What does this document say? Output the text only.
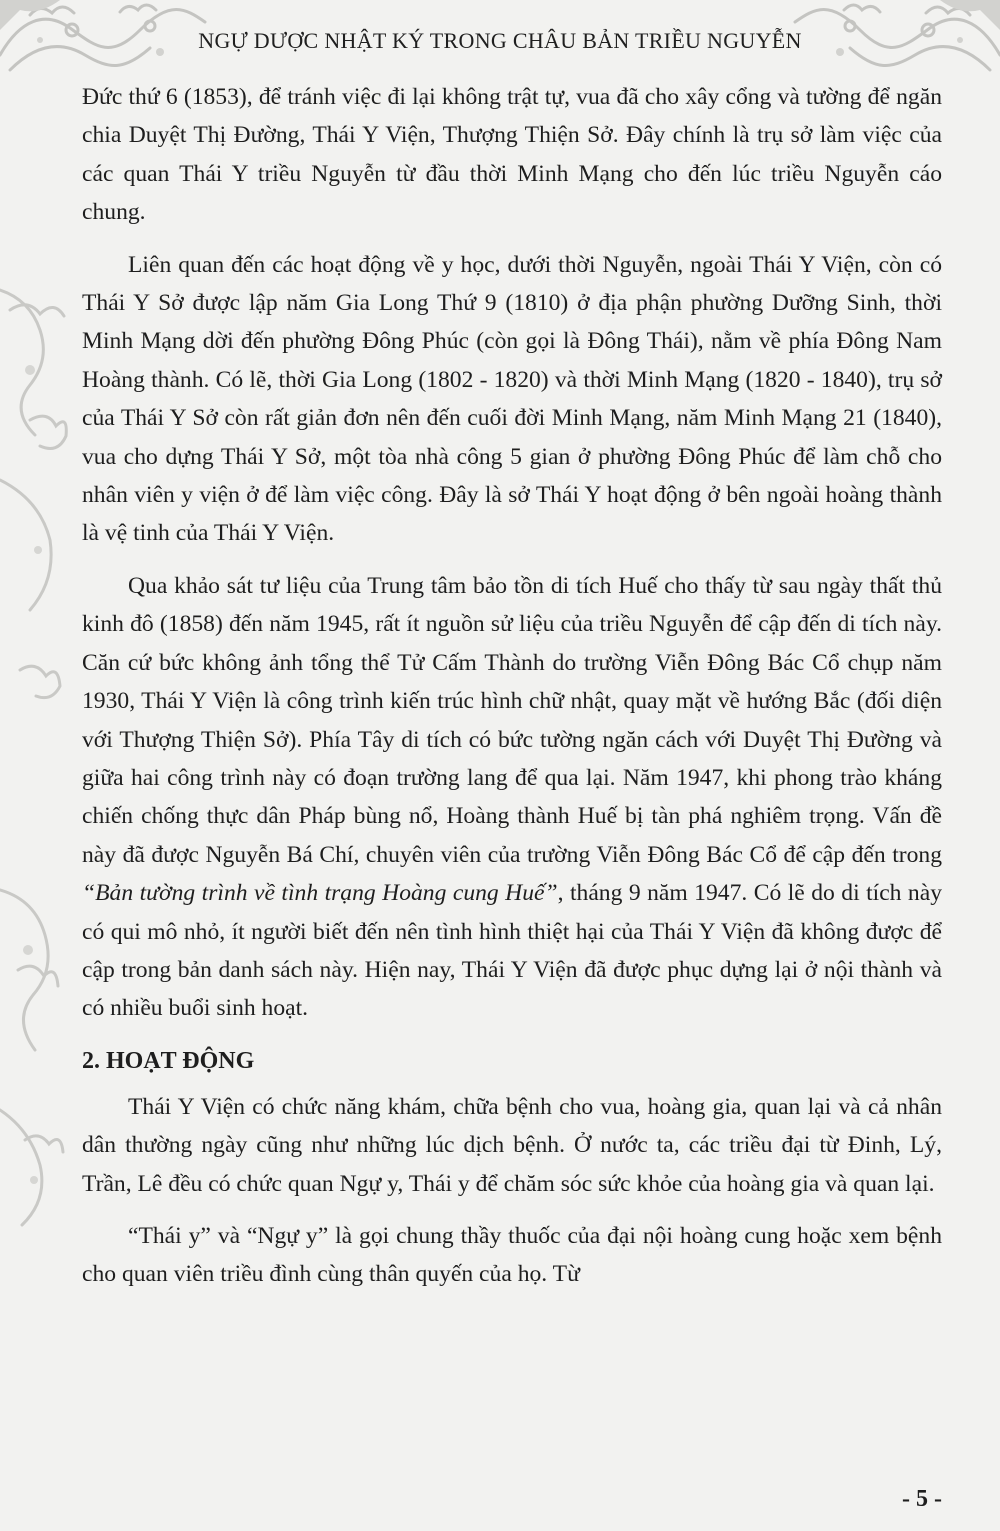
NGỰ DƯỢC NHẬT KÝ TRONG CHÂU BẢN TRIỀU NGUYỄN

Đức thứ 6 (1853), để tránh việc đi lại không trật tự, vua đã cho xây cổng và tường để ngăn chia Duyệt Thị Đường, Thái Y Viện, Thượng Thiện Sở. Đây chính là trụ sở làm việc của các quan Thái Y triều Nguyễn từ đầu thời Minh Mạng cho đến lúc triều Nguyễn cáo chung.

Liên quan đến các hoạt động về y học, dưới thời Nguyễn, ngoài Thái Y Viện, còn có Thái Y Sở được lập năm Gia Long Thứ 9 (1810) ở địa phận phường Dưỡng Sinh, thời Minh Mạng dời đến phường Đông Phúc (còn gọi là Đông Thái), nằm về phía Đông Nam Hoàng thành. Có lẽ, thời Gia Long (1802 - 1820) và thời Minh Mạng (1820 - 1840), trụ sở của Thái Y Sở còn rất giản đơn nên đến cuối đời Minh Mạng, năm Minh Mạng 21 (1840), vua cho dựng Thái Y Sở, một tòa nhà công 5 gian ở phường Đông Phúc để làm chỗ cho nhân viên y viện ở để làm việc công. Đây là sở Thái Y hoạt động ở bên ngoài hoàng thành là vệ tinh của Thái Y Viện.

Qua khảo sát tư liệu của Trung tâm bảo tồn di tích Huế cho thấy từ sau ngày thất thủ kinh đô (1858) đến năm 1945, rất ít nguồn sử liệu của triều Nguyễn để cập đến di tích này. Căn cứ bức không ảnh tổng thể Tử Cấm Thành do trường Viễn Đông Bác Cổ chụp năm 1930, Thái Y Viện là công trình kiến trúc hình chữ nhật, quay mặt về hướng Bắc (đối diện với Thượng Thiện Sở). Phía Tây di tích có bức tường ngăn cách với Duyệt Thị Đường và giữa hai công trình này có đoạn trường lang để qua lại. Năm 1947, khi phong trào kháng chiến chống thực dân Pháp bùng nổ, Hoàng thành Huế bị tàn phá nghiêm trọng. Vấn đề này đã được Nguyễn Bá Chí, chuyên viên của trường Viễn Đông Bác Cổ để cập đến trong “Bản tường trình về tình trạng Hoàng cung Huế”, tháng 9 năm 1947. Có lẽ do di tích này có qui mô nhỏ, ít người biết đến nên tình hình thiệt hại của Thái Y Viện đã không được để cập trong bản danh sách này. Hiện nay, Thái Y Viện đã được phục dựng lại ở nội thành và có nhiều buổi sinh hoạt.

2. HOẠT ĐỘNG

Thái Y Viện có chức năng khám, chữa bệnh cho vua, hoàng gia, quan lại và cả nhân dân thường ngày cũng như những lúc dịch bệnh. Ở nước ta, các triều đại từ Đinh, Lý, Trần, Lê đều có chức quan Ngự y, Thái y để chăm sóc sức khỏe của hoàng gia và quan lại.

“Thái y” và “Ngự y” là gọi chung thầy thuốc của đại nội hoàng cung hoặc xem bệnh cho quan viên triều đình cùng thân quyến của họ. Từ

- 5 -
